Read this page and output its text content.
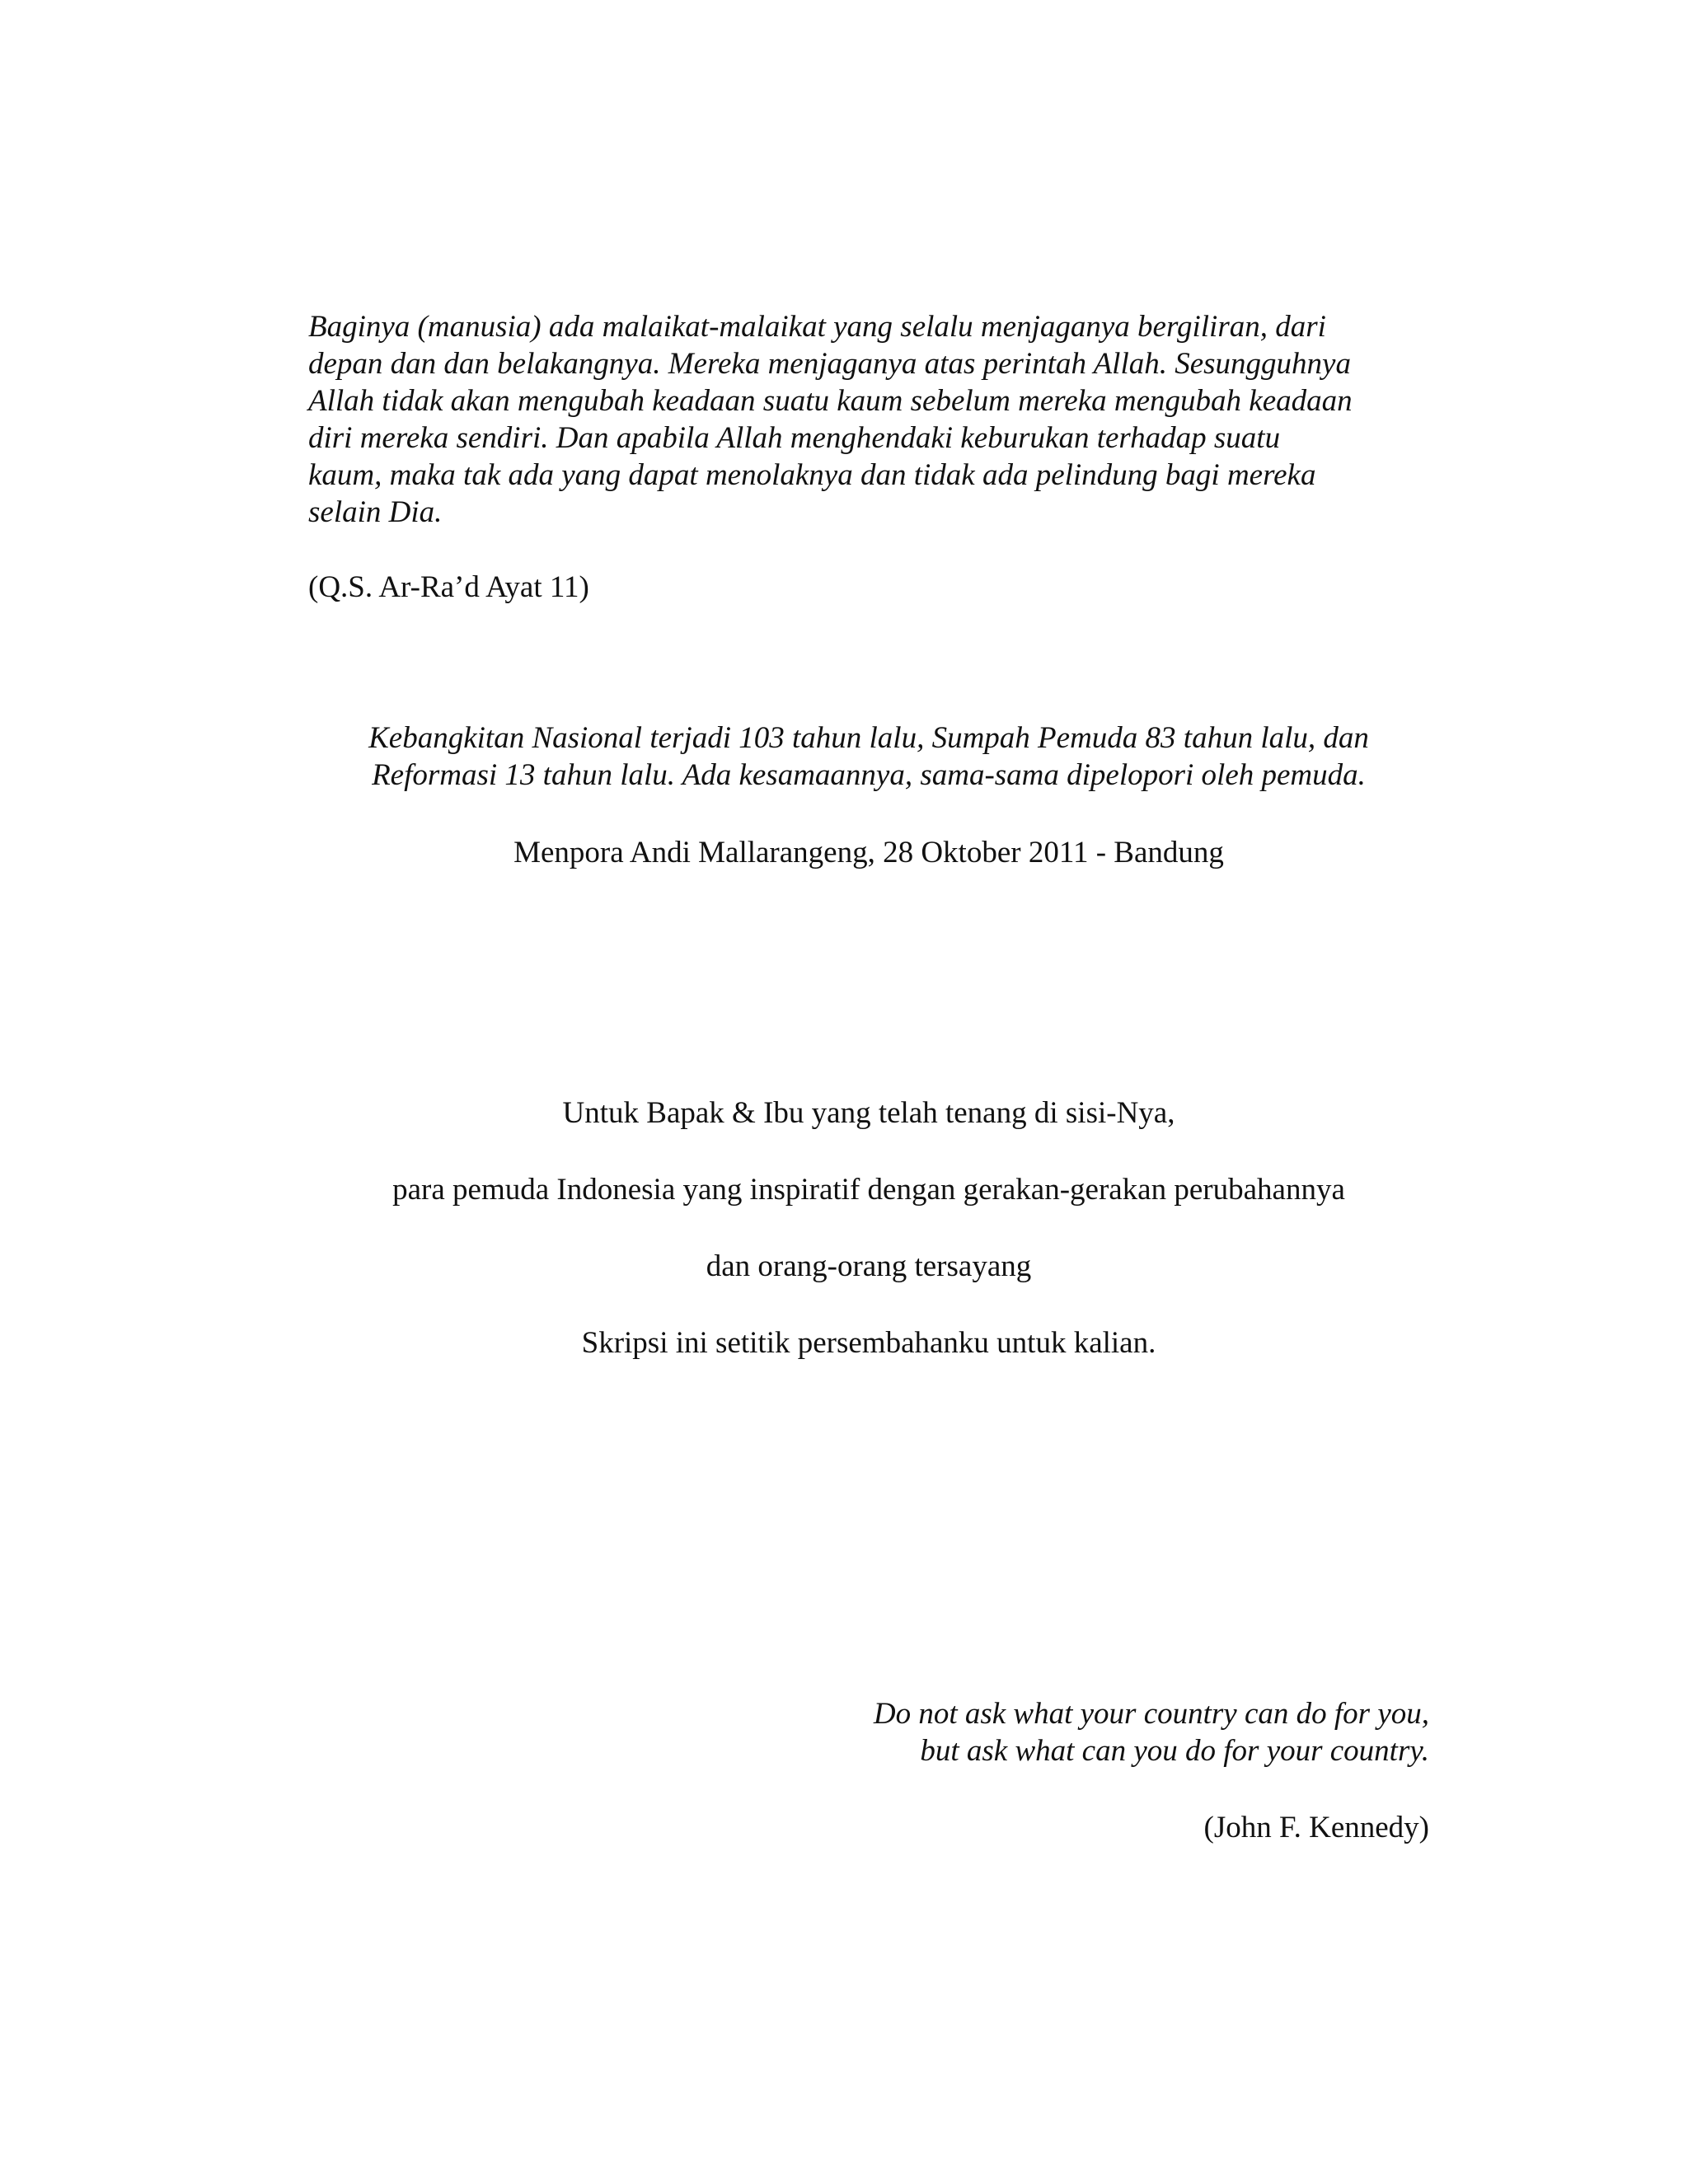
Baginya (manusia) ada malaikat-malaikat yang selalu menjaganya bergiliran, dari
depan dan dan belakangnya. Mereka menjaganya atas perintah Allah. Sesungguhnya
Allah tidak akan mengubah keadaan suatu kaum sebelum mereka mengubah keadaan
diri mereka sendiri. Dan apabila Allah menghendaki keburukan terhadap suatu
kaum, maka tak ada yang dapat menolaknya dan tidak ada pelindung bagi mereka
selain Dia.
(Q.S. Ar-Ra’d Ayat 11)
Kebangkitan Nasional terjadi 103 tahun lalu, Sumpah Pemuda 83 tahun lalu, dan
Reformasi 13 tahun lalu. Ada kesamaannya, sama-sama dipelopori oleh pemuda.
Menpora Andi Mallarangeng, 28 Oktober 2011 - Bandung
Untuk Bapak & Ibu yang telah tenang di sisi-Nya,
para pemuda Indonesia yang inspiratif dengan gerakan-gerakan perubahannya
dan orang-orang tersayang
Skripsi ini setitik persembahanku untuk kalian.
Do not ask what your country can do for you,
but ask what can you do for your country.
(John F. Kennedy)
